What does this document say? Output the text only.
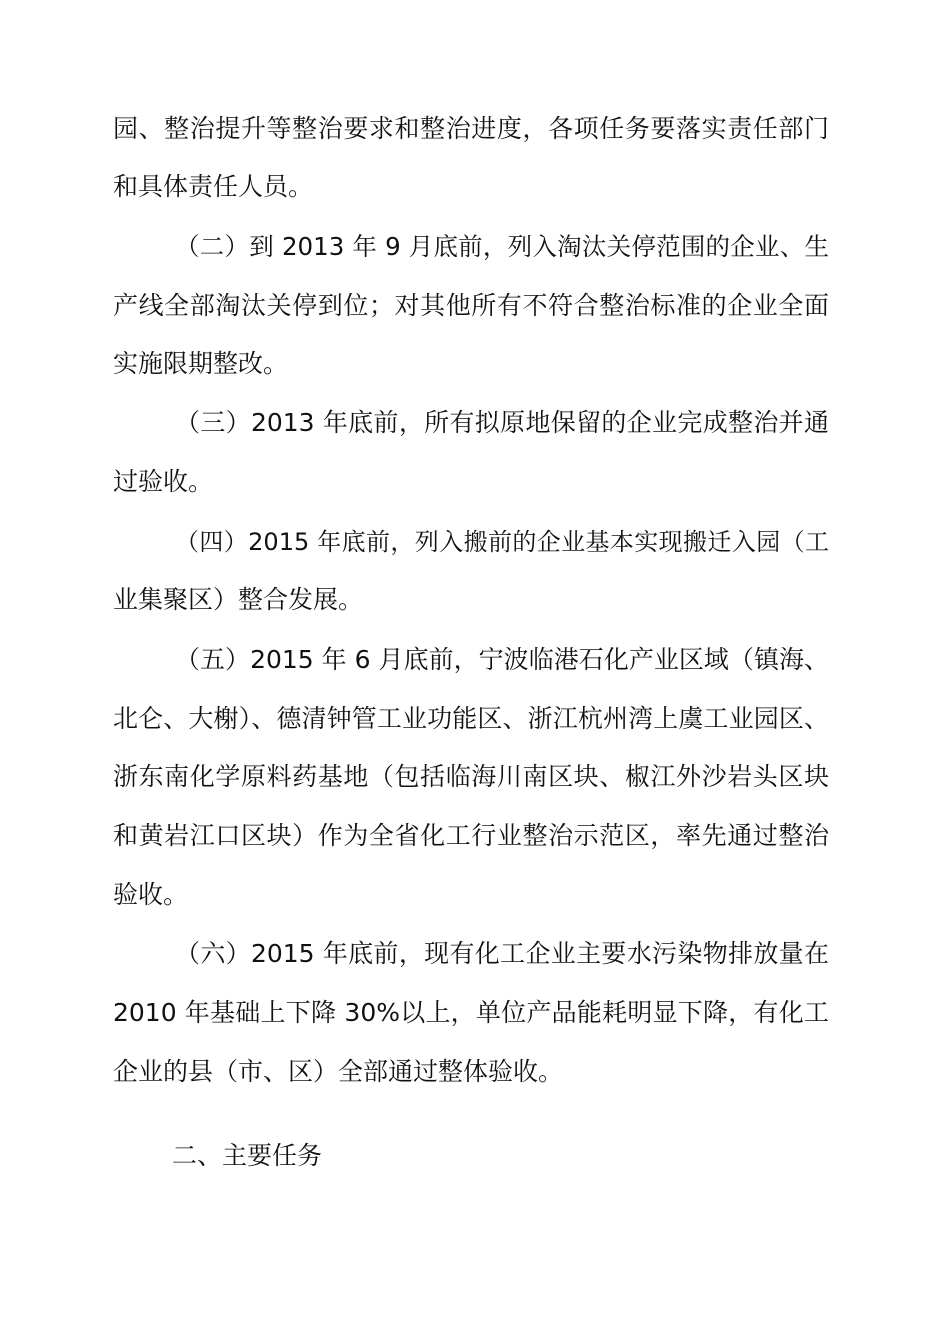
园、整治提升等整治要求和整治进度，各项任务要落实责任部门
和具体责任人员。
（二）到 2013 年 9 月底前，列入淘汰关停范围的企业、生
产线全部淘汰关停到位；对其他所有不符合整治标准的企业全面
实施限期整改。
（三）2013 年底前，所有拟原地保留的企业完成整治并通
过验收。
（四）2015 年底前，列入搬前的企业基本实现搬迁入园（工
业集聚区）整合发展。
（五）2015 年 6 月底前，宁波临港石化产业区域（镇海、
北仑、大榭）、德清钟管工业功能区、浙江杭州湾上虞工业园区、
浙东南化学原料药基地（包括临海川南区块、椒江外沙岩头区块
和黄岩江口区块）作为全省化工行业整治示范区，率先通过整治
验收。
（六）2015 年底前，现有化工企业主要水污染物排放量在
2010 年基础上下降 30%以上，单位产品能耗明显下降，有化工
企业的县（市、区）全部通过整体验收。
二、主要任务
